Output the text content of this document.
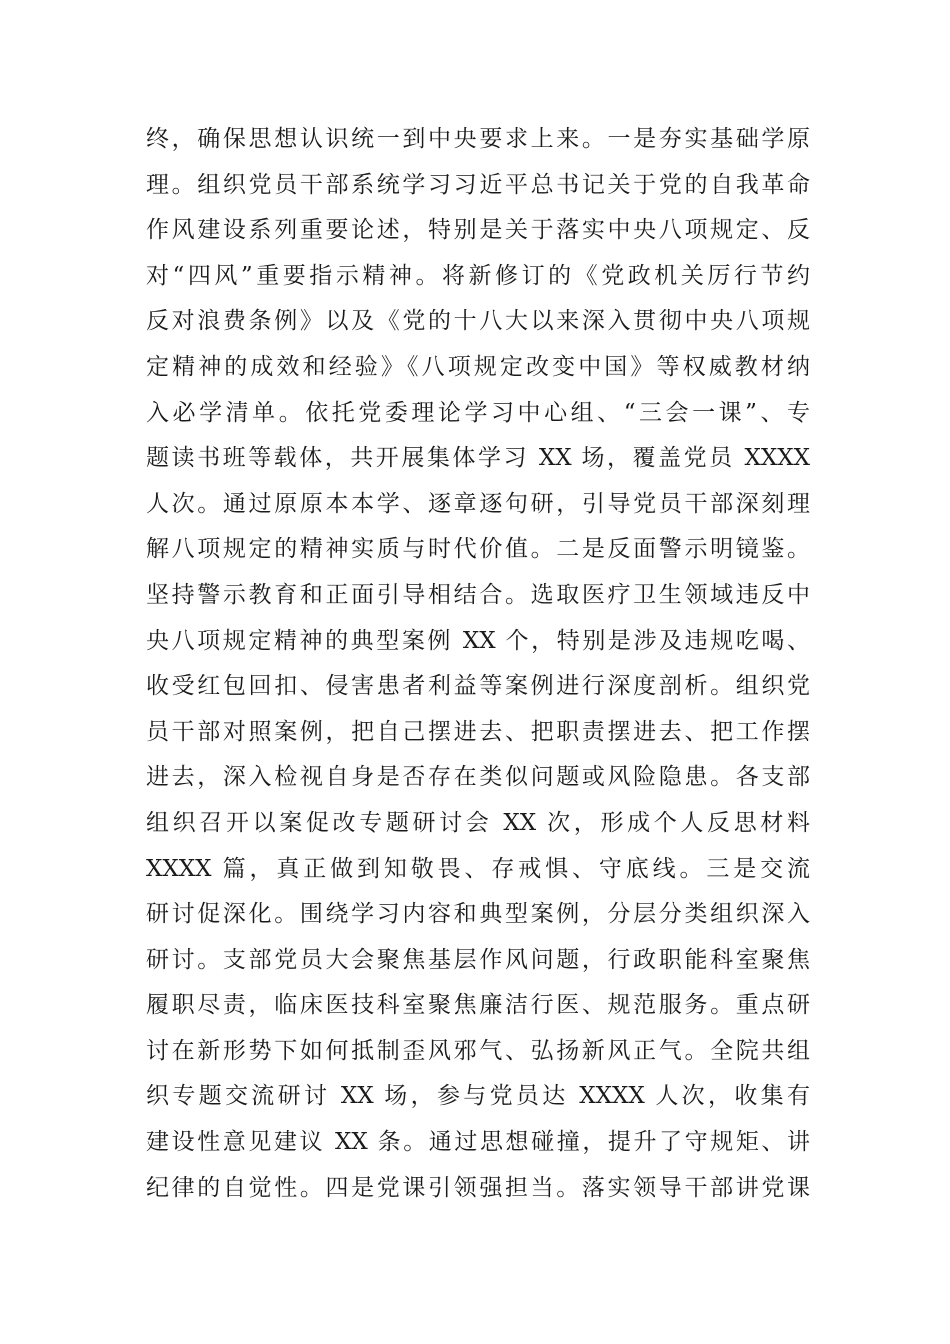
终，确保思想认识统一到中央要求上来。一是夯实基础学原
理。组织党员干部系统学习习近平总书记关于党的自我革命
作风建设系列重要论述，特别是关于落实中央八项规定、反
对“四风”重要指示精神。将新修订的《党政机关厉行节约
反对浪费条例》以及《党的十八大以来深入贯彻中央八项规
定精神的成效和经验》《八项规定改变中国》等权威教材纳
入必学清单。依托党委理论学习中心组、“三会一课”、专
题读书班等载体，共开展集体学习 XX 场，覆盖党员 XXXX
人次。通过原原本本学、逐章逐句研，引导党员干部深刻理
解八项规定的精神实质与时代价值。二是反面警示明镜鉴。
坚持警示教育和正面引导相结合。选取医疗卫生领域违反中
央八项规定精神的典型案例 XX 个，特别是涉及违规吃喝、
收受红包回扣、侵害患者利益等案例进行深度剖析。组织党
员干部对照案例，把自己摆进去、把职责摆进去、把工作摆
进去，深入检视自身是否存在类似问题或风险隐患。各支部
组织召开以案促改专题研讨会 XX 次，形成个人反思材料
XXXX 篇，真正做到知敬畏、存戒惧、守底线。三是交流
研讨促深化。围绕学习内容和典型案例，分层分类组织深入
研讨。支部党员大会聚焦基层作风问题，行政职能科室聚焦
履职尽责，临床医技科室聚焦廉洁行医、规范服务。重点研
讨在新形势下如何抵制歪风邪气、弘扬新风正气。全院共组
织专题交流研讨 XX 场，参与党员达 XXXX 人次，收集有
建设性意见建议 XX 条。通过思想碰撞，提升了守规矩、讲
纪律的自觉性。四是党课引领强担当。落实领导干部讲党课
